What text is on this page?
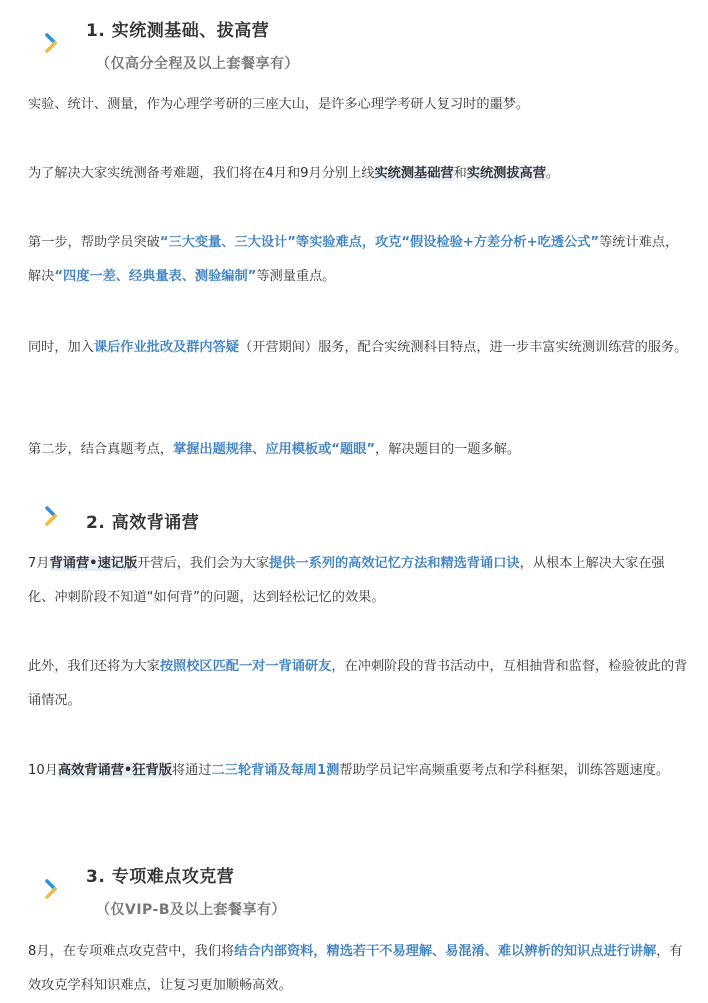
1. 实统测基础、拔高营
（仅高分全程及以上套餐享有）
实验、统计、测量，作为心理学考研的三座大山，是许多心理学考研人复习时的噩梦。
为了解决大家实统测备考难题，我们将在4月和9月分别上线实统测基础营和实统测拔高营。
第一步，帮助学员突破“三大变量、三大设计”等实验难点，攻克“假设检验+方差分析+吃透公式”等统计难点，解决“四度一差、经典量表、测验编制”等测量重点。
同时，加入课后作业批改及群内答疑（开营期间）服务，配合实统测科目特点，进一步丰富实统测训练营的服务。
第二步，结合真题考点，掌握出题规律、应用模板或“题眼”，解决题目的一题多解。
2. 高效背诵营
7月背诵营•速记版开营后，我们会为大家提供一系列的高效记忆方法和精选背诵口诀，从根本上解决大家在强化、冲刺阶段不知道“如何背”的问题，达到轻松记忆的效果。
此外，我们还将为大家按照校区匹配一对一背诵研友，在冲刺阶段的背书活动中，互相抽背和监督，检验彼此的背诵情况。
10月高效背诵营•狂背版将通过二三轮背诵及每周1测帮助学员记牢高频重要考点和学科框架，训练答题速度。
3. 专项难点攻克营
（仅VIP-B及以上套餐享有）
8月，在专项难点攻克营中，我们将结合内部资料，精选若干不易理解、易混淆、难以辨析的知识点进行讲解，有效攻克学科知识难点，让复习更加顺畅高效。
